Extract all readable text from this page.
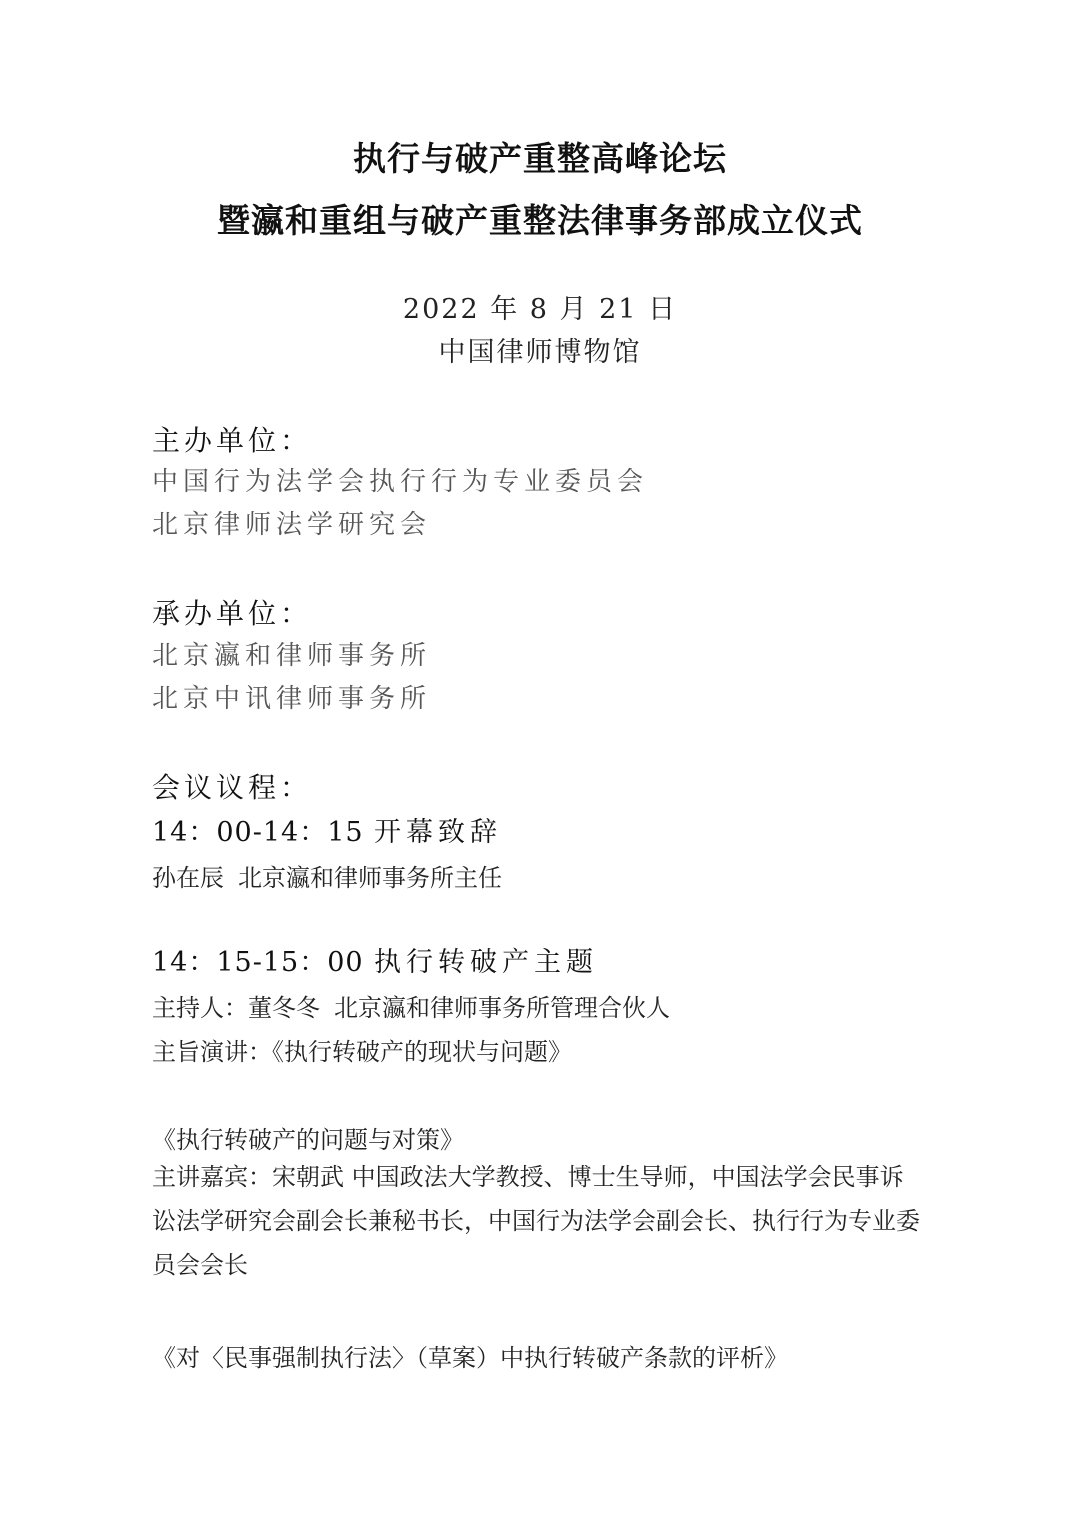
执行与破产重整高峰论坛
暨瀛和重组与破产重整法律事务部成立仪式
2022 年 8 月 21 日
中国律师博物馆
主办单位：
中国行为法学会执行行为专业委员会
北京律师法学研究会
承办单位：
北京瀛和律师事务所
北京中讯律师事务所
会议议程：
14：00-14：15 开幕致辞
孙在辰 北京瀛和律师事务所主任
14：15-15：00 执行转破产主题
主持人：董冬冬 北京瀛和律师事务所管理合伙人
主旨演讲：《执行转破产的现状与问题》
《执行转破产的问题与对策》
主讲嘉宾：宋朝武 中国政法大学教授、博士生导师，中国法学会民事诉讼法学研究会副会长兼秘书长，中国行为法学会副会长、执行行为专业委员会会长
《对〈民事强制执行法〉（草案）中执行转破产条款的评析》
